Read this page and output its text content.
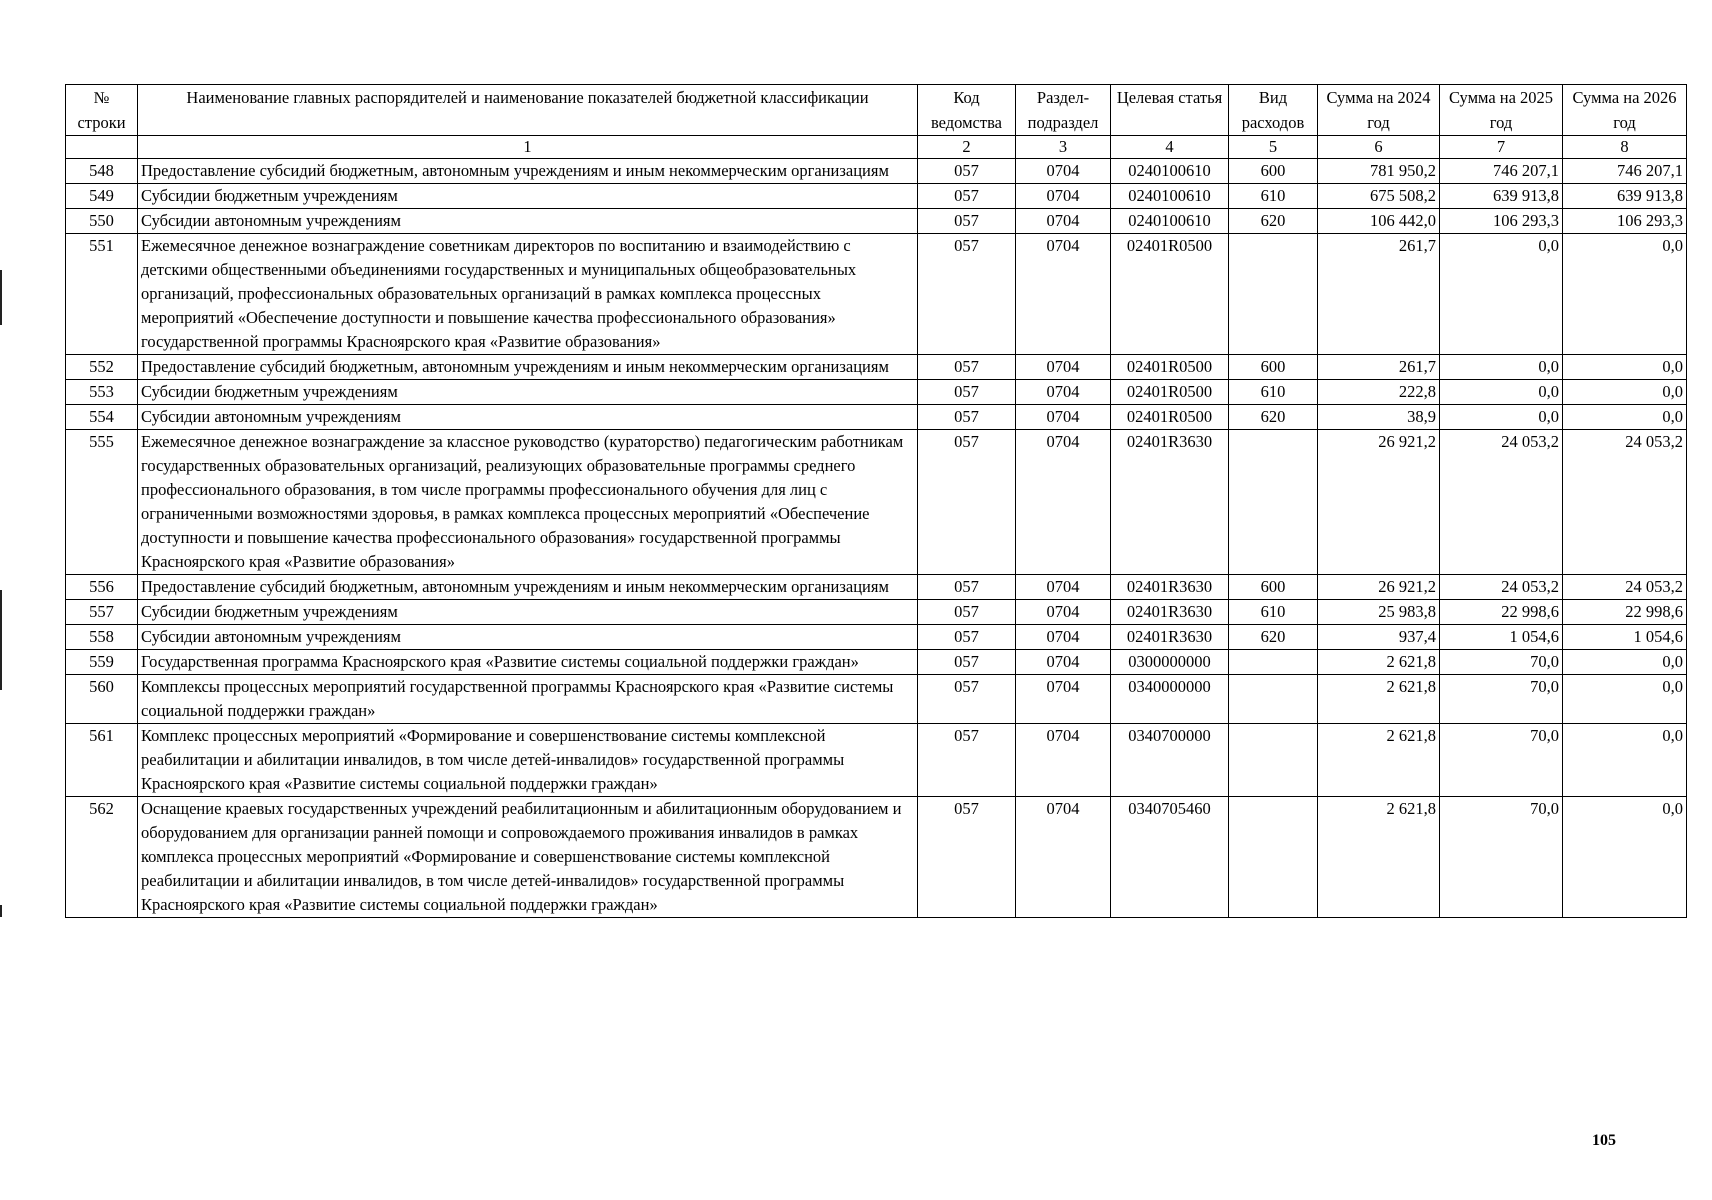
№ строки	Наименование главных распорядителей и наименование показателей бюджетной классификации	Код ведомства	Раздел-подраздел	Целевая статья	Вид расходов	Сумма на 2024 год	Сумма на 2025 год	Сумма на 2026 год
	1	2	3	4	5	6	7	8
548	Предоставление субсидий бюджетным, автономным учреждениям и иным некоммерческим организациям	057	0704	0240100610	600	781 950,2	746 207,1	746 207,1
549	Субсидии бюджетным учреждениям	057	0704	0240100610	610	675 508,2	639 913,8	639 913,8
550	Субсидии автономным учреждениям	057	0704	0240100610	620	106 442,0	106 293,3	106 293,3
551	Ежемесячное денежное вознаграждение советникам директоров по воспитанию и взаимодействию с детскими общественными объединениями государственных и муниципальных общеобразовательных организаций, профессиональных образовательных организаций в рамках комплекса процессных мероприятий «Обеспечение доступности и повышение качества профессионального образования» государственной программы Красноярского края «Развитие образования»	057	0704	02401R0500		261,7	0,0	0,0
552	Предоставление субсидий бюджетным, автономным учреждениям и иным некоммерческим организациям	057	0704	02401R0500	600	261,7	0,0	0,0
553	Субсидии бюджетным учреждениям	057	0704	02401R0500	610	222,8	0,0	0,0
554	Субсидии автономным учреждениям	057	0704	02401R0500	620	38,9	0,0	0,0
555	Ежемесячное денежное вознаграждение за классное руководство (кураторство) педагогическим работникам государственных образовательных организаций, реализующих образовательные программы среднего профессионального образования, в том числе программы профессионального обучения для лиц с ограниченными возможностями здоровья, в рамках комплекса процессных мероприятий «Обеспечение доступности и повышение качества профессионального образования» государственной программы Красноярского края «Развитие образования»	057	0704	02401R3630		26 921,2	24 053,2	24 053,2
556	Предоставление субсидий бюджетным, автономным учреждениям и иным некоммерческим организациям	057	0704	02401R3630	600	26 921,2	24 053,2	24 053,2
557	Субсидии бюджетным учреждениям	057	0704	02401R3630	610	25 983,8	22 998,6	22 998,6
558	Субсидии автономным учреждениям	057	0704	02401R3630	620	937,4	1 054,6	1 054,6
559	Государственная программа Красноярского края «Развитие системы социальной поддержки граждан»	057	0704	0300000000		2 621,8	70,0	0,0
560	Комплексы процессных мероприятий государственной программы Красноярского края «Развитие системы социальной поддержки граждан»	057	0704	0340000000		2 621,8	70,0	0,0
561	Комплекс процессных мероприятий «Формирование и совершенствование системы комплексной реабилитации и абилитации инвалидов, в том числе детей-инвалидов» государственной программы Красноярского края «Развитие системы социальной поддержки граждан»	057	0704	0340700000		2 621,8	70,0	0,0
562	Оснащение краевых государственных учреждений реабилитационным и абилитационным оборудованием и оборудованием для организации ранней помощи и сопровождаемого проживания инвалидов в рамках комплекса процессных мероприятий «Формирование и совершенствование системы комплексной реабилитации и абилитации инвалидов, в том числе детей-инвалидов» государственной программы Красноярского края «Развитие системы социальной поддержки граждан»	057	0704	0340705460		2 621,8	70,0	0,0
105
